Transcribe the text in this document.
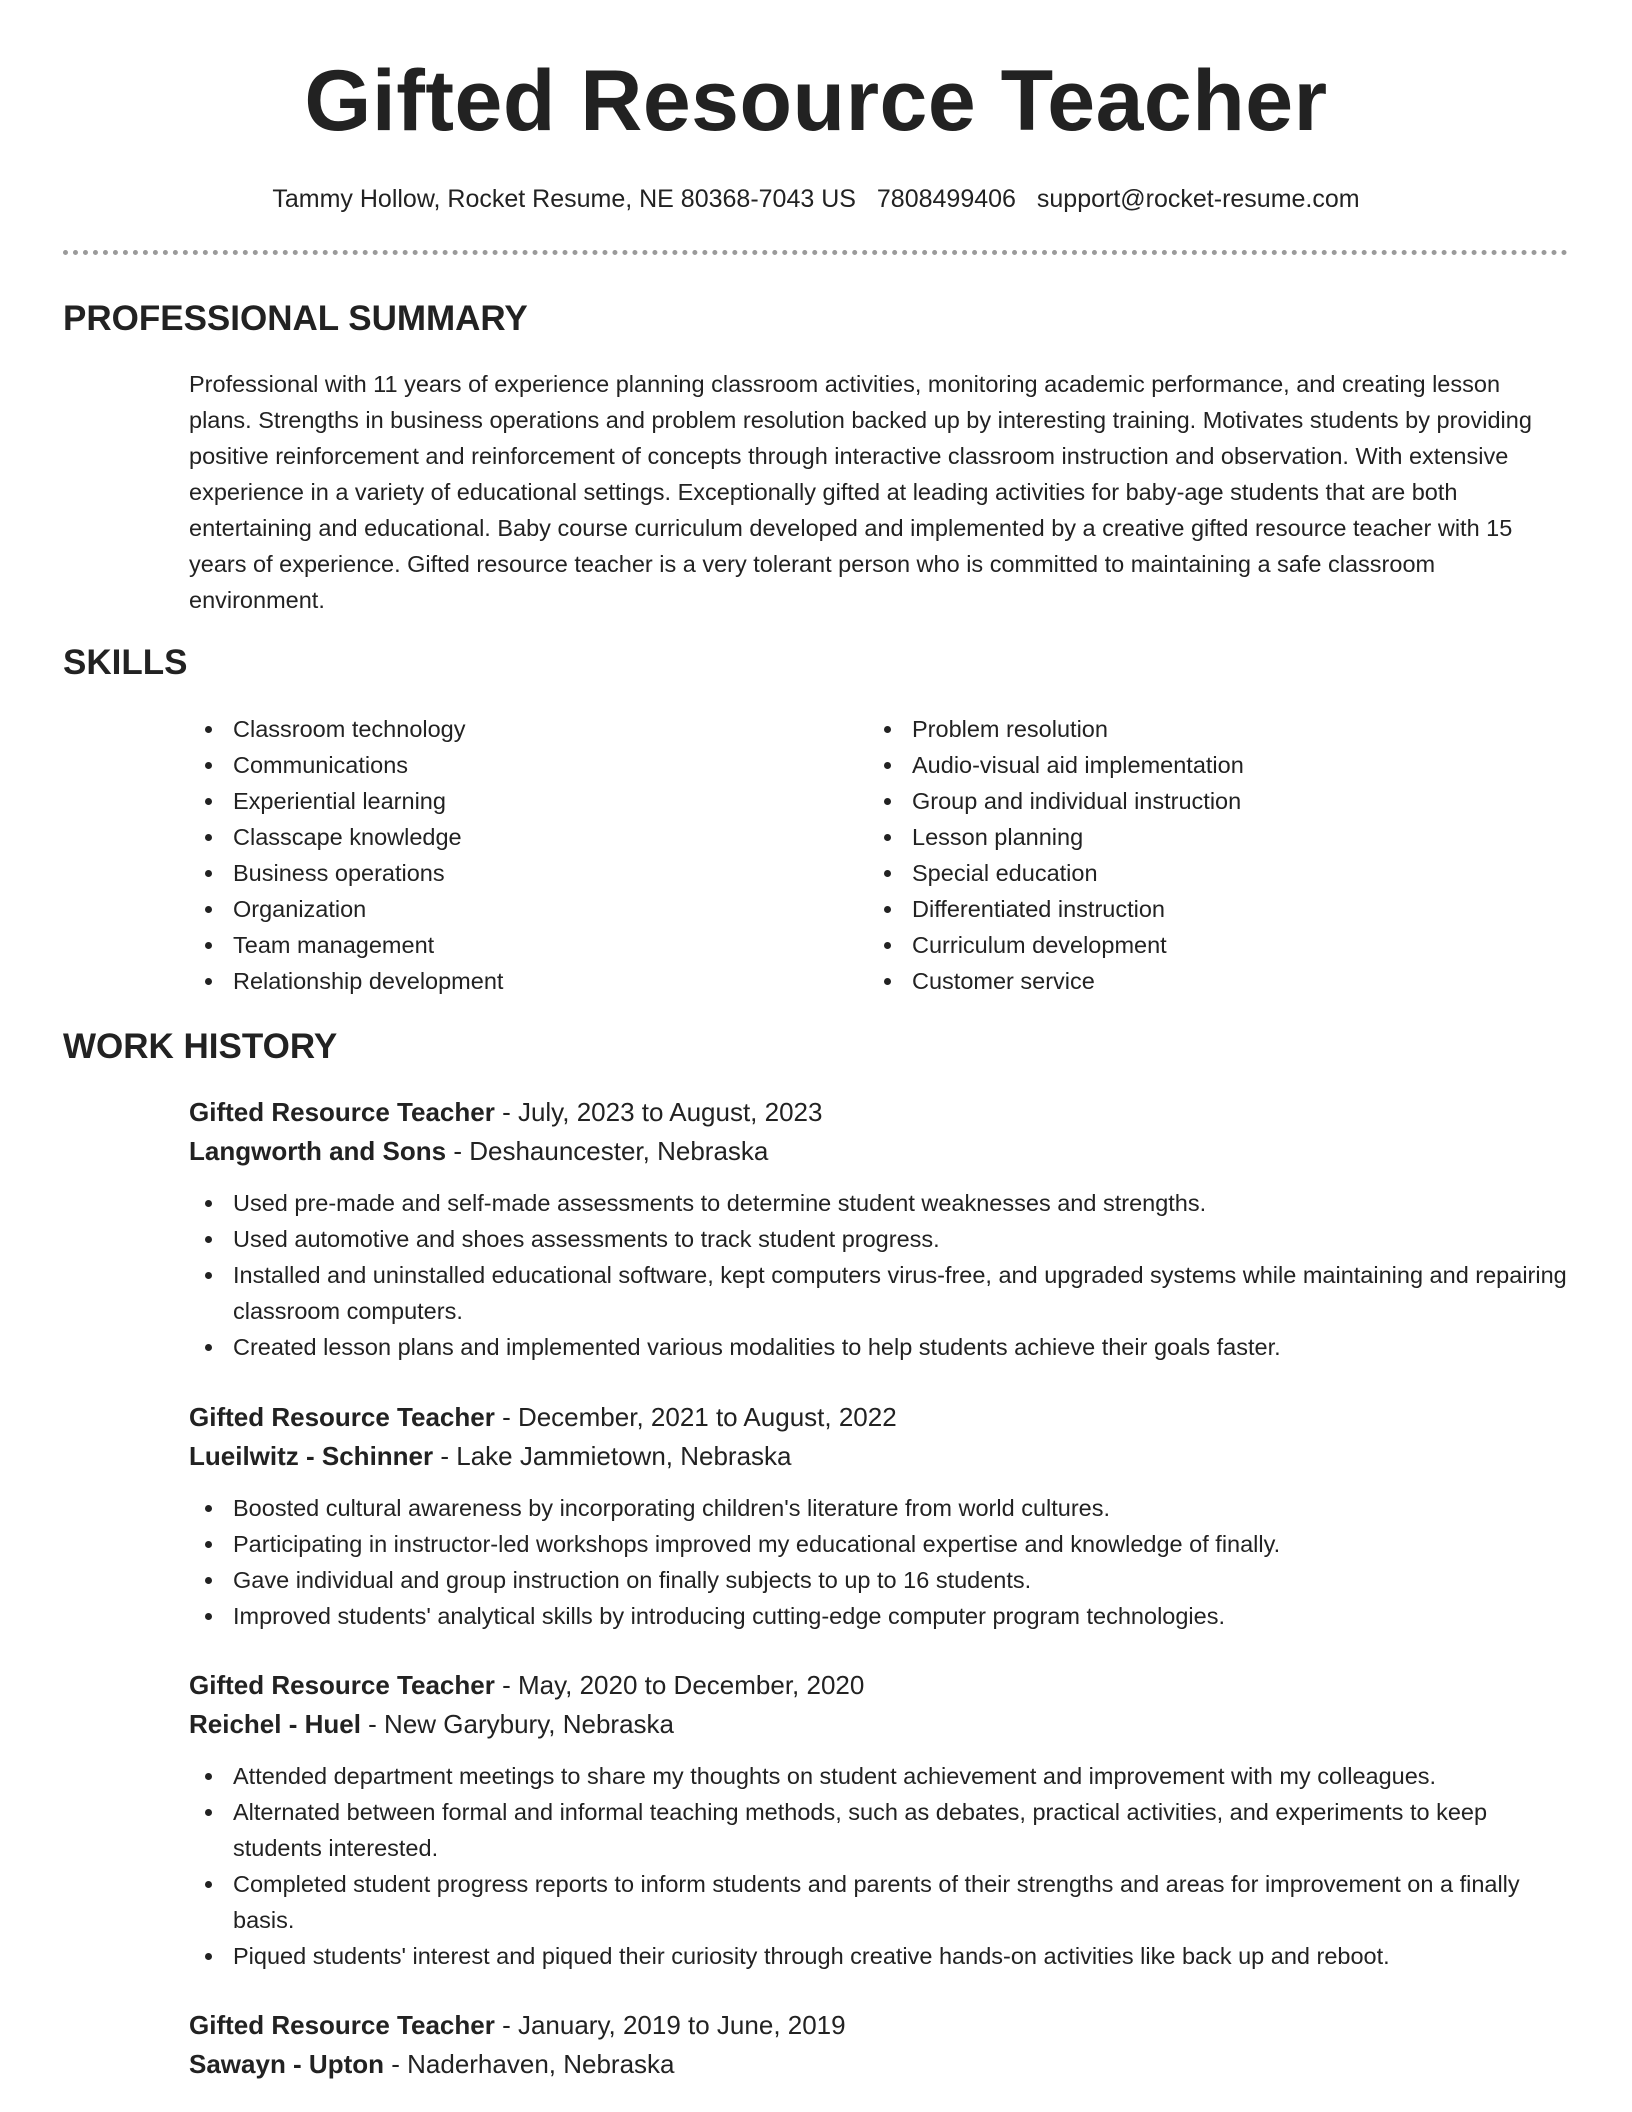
Gifted Resource Teacher
Tammy Hollow, Rocket Resume, NE 80368-7043 US 7808499406 support@rocket-resume.com
PROFESSIONAL SUMMARY

Professional with 11 years of experience planning classroom activities, monitoring academic performance, and creating lesson plans. Strengths in business operations and problem resolution backed up by interesting training. Motivates students by providing positive reinforcement and reinforcement of concepts through interactive classroom instruction and observation. With extensive experience in a variety of educational settings. Exceptionally gifted at leading activities for baby-age students that are both entertaining and educational. Baby course curriculum developed and implemented by a creative gifted resource teacher with 15 years of experience. Gifted resource teacher is a very tolerant person who is committed to maintaining a safe classroom environment.

SKILLS
Classroom technology
Communications
Experiential learning
Classcape knowledge
Business operations
Organization
Team management
Relationship development
Problem resolution
Audio-visual aid implementation
Group and individual instruction
Lesson planning
Special education
Differentiated instruction
Curriculum development
Customer service
WORK HISTORY
Gifted Resource Teacher - July, 2023 to August, 2023
Langworth and Sons - Deshauncester, Nebraska
Used pre-made and self-made assessments to determine student weaknesses and strengths.
Used automotive and shoes assessments to track student progress.
Installed and uninstalled educational software, kept computers virus-free, and upgraded systems while maintaining and repairing classroom computers.
Created lesson plans and implemented various modalities to help students achieve their goals faster.
Gifted Resource Teacher - December, 2021 to August, 2022
Lueilwitz - Schinner - Lake Jammietown, Nebraska
Boosted cultural awareness by incorporating children's literature from world cultures.
Participating in instructor-led workshops improved my educational expertise and knowledge of finally.
Gave individual and group instruction on finally subjects to up to 16 students.
Improved students' analytical skills by introducing cutting-edge computer program technologies.
Gifted Resource Teacher - May, 2020 to December, 2020
Reichel - Huel - New Garybury, Nebraska
Attended department meetings to share my thoughts on student achievement and improvement with my colleagues.
Alternated between formal and informal teaching methods, such as debates, practical activities, and experiments to keep students interested.
Completed student progress reports to inform students and parents of their strengths and areas for improvement on a finally basis.
Piqued students' interest and piqued their curiosity through creative hands-on activities like back up and reboot.
Gifted Resource Teacher - January, 2019 to June, 2019
Sawayn - Upton - Naderhaven, Nebraska
